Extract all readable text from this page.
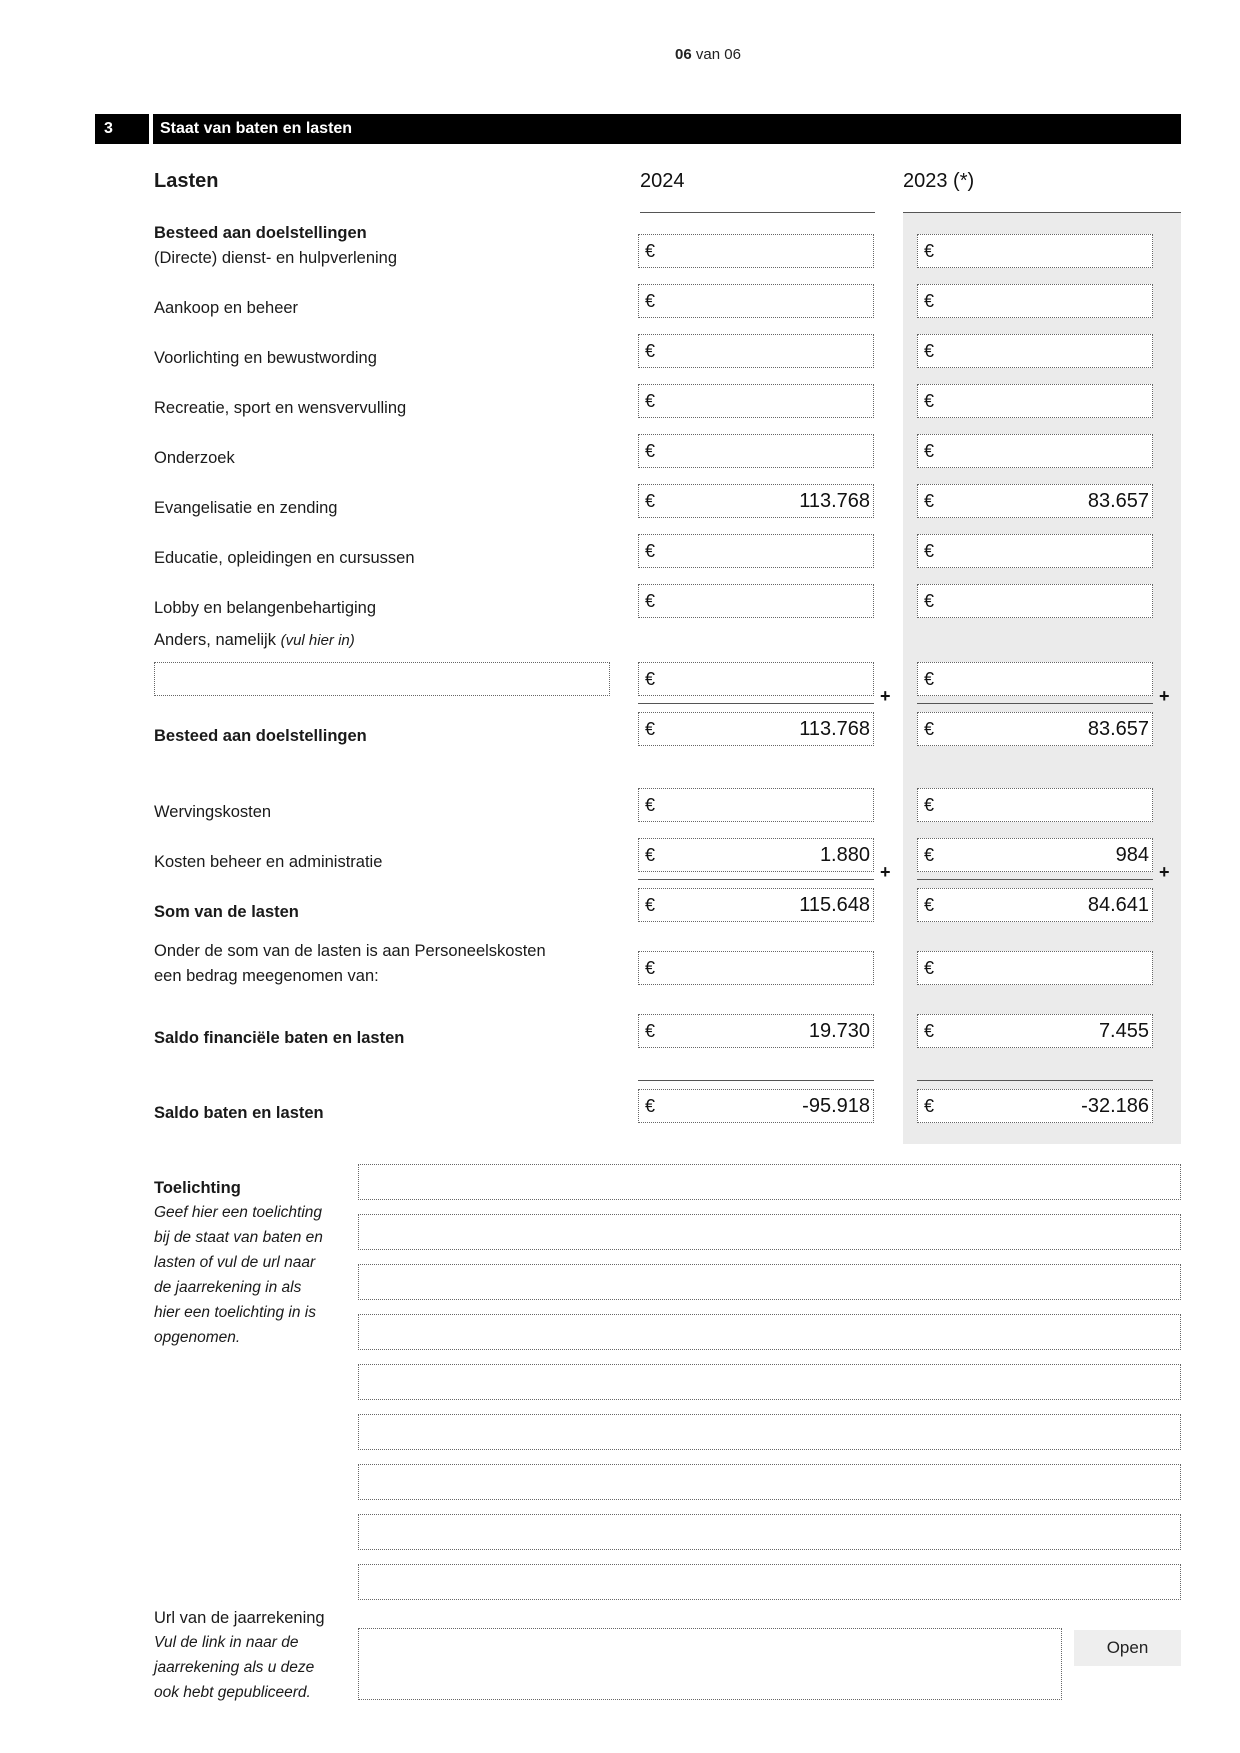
06 van 06
3	Staat van baten en lasten
Lasten	2024	2023 (*)
Besteed aan doelstellingen
(Directe) dienst- en hulpverlening	€	€
Aankoop en beheer	€	€
Voorlichting en bewustwording	€	€
Recreatie, sport en wensvervulling	€	€
Onderzoek	€	€
Evangelisatie en zending	€	113.768	€	83.657
Educatie, opleidingen en cursussen	€	€
Lobby en belangenbehartiging	€	€
Anders, namelijk (vul hier in)
€	€
+	+
Besteed aan doelstellingen	€	113.768	€	83.657
Wervingskosten	€	€
Kosten beheer en administratie	€	1.880	€	984
+	+
Som van de lasten	€	115.648	€	84.641
Onder de som van de lasten is aan Personeelskosten
een bedrag meegenomen van:	€	€
Saldo financiële baten en lasten	€	19.730	€	7.455
Saldo baten en lasten	€	-95.918	€	-32.186
Toelichting
Geef hier een toelichting
bij de staat van baten en
lasten of vul de url naar
de jaarrekening in als
hier een toelichting in is
opgenomen.
Url van de jaarrekening
Vul de link in naar de
jaarrekening als u deze
ook hebt gepubliceerd.
Open
